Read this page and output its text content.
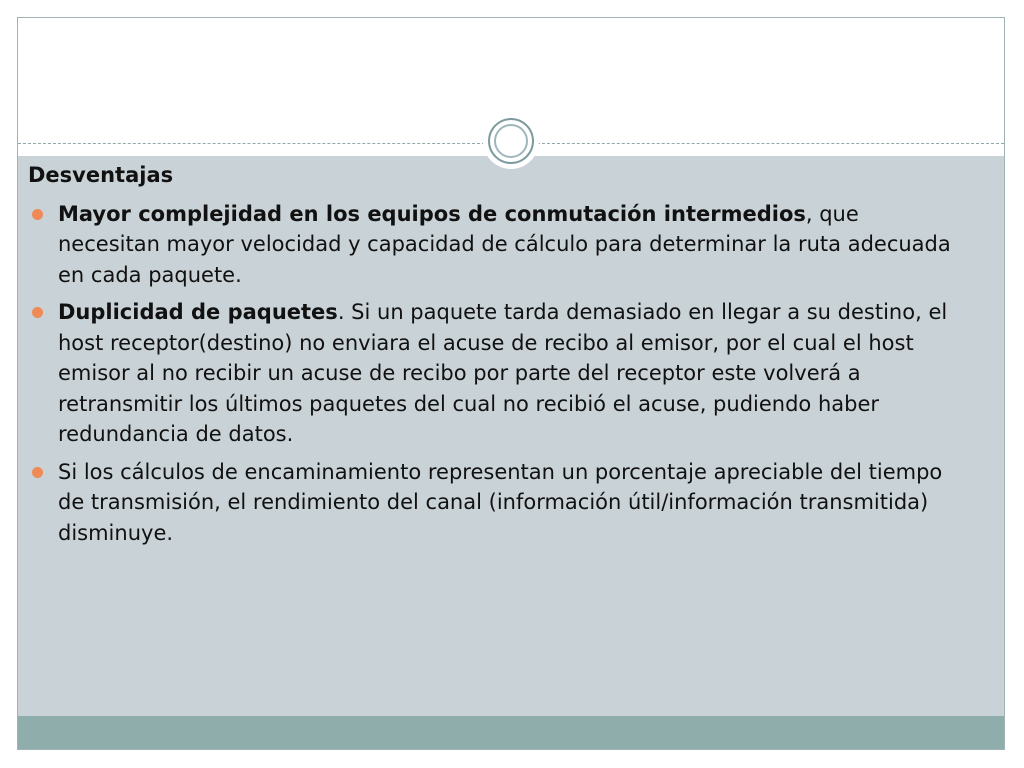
Desventajas
Mayor complejidad en los equipos de conmutación intermedios, que necesitan mayor velocidad y capacidad de cálculo para determinar la ruta adecuada en cada paquete.
Duplicidad de paquetes. Si un paquete tarda demasiado en llegar a su destino, el host receptor(destino) no enviara el acuse de recibo al emisor, por el cual el host emisor al no recibir un acuse de recibo por parte del receptor este volverá a retransmitir los últimos paquetes del cual no recibió el acuse, pudiendo haber redundancia de datos.
Si los cálculos de encaminamiento representan un porcentaje apreciable del tiempo de transmisión, el rendimiento del canal (información útil/información transmitida) disminuye.
